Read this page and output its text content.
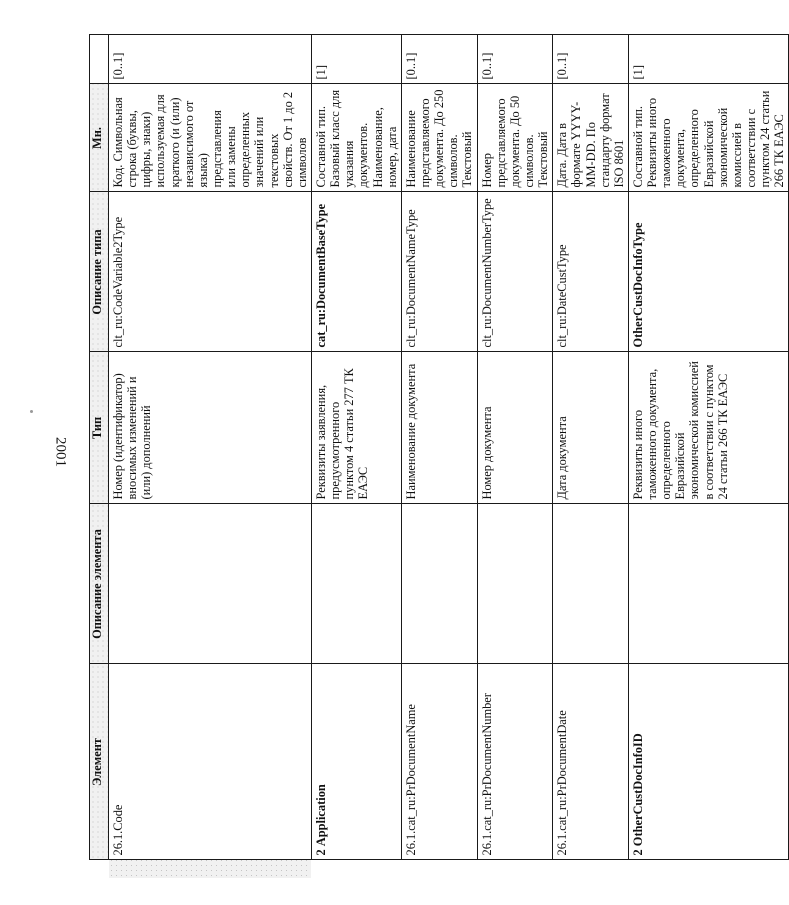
2001
	Элемент	Описание элемента	Тип	Описание типа	Мн.	
	26.1.Code		Номер (идентификатор) вносимых изменений и (или) дополнений	clt_ru:CodeVariable2Type	Код. Символьная строка (буквы, цифры, знаки) используемая для краткого (и (или) независимого от языка) представления или замены определенных значений или текстовых свойств. От 1 до 2 символов	[0..1]
	2 Application		Реквизиты заявления, предусмотренного пунктом 4 статьи 277 ТК ЕАЭС	cat_ru:DocumentBaseType	Составной тип. Базовый класс для указания документов. Наименование, номер, дата	[1]
	26.1.cat_ru:PrDocumentName		Наименование документа	clt_ru:DocumentNameType	Наименование представляемого документа. До 250 символов. Текстовый	[0..1]
	26.1.cat_ru:PrDocumentNumber		Номер документа	clt_ru:DocumentNumberType	Номер представляемого документа. До 50 символов. Текстовый	[0..1]
	26.1.cat_ru:PrDocumentDate		Дата документа	clt_ru:DateCustType	Дата. Дата в формате YYYY-MM-DD. По стандарту формат ISO 8601	[0..1]
	2 OtherCustDocInfoID		Реквизиты иного таможенного документа, определенного Евразийской экономической комиссией в соответствии с пунктом 24 статьи 266 ТК ЕАЭС	OtherCustDocInfoType	Составной тип. Реквизиты иного таможенного документа, определенного Евразийской экономической комиссией в соответствии с пунктом 24 статьи 266 ТК ЕАЭС	[1]
